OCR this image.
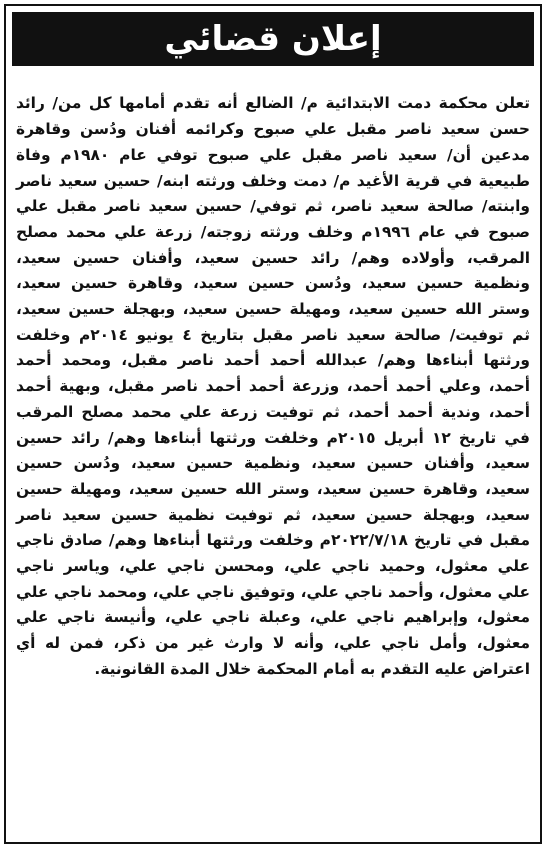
إعلان قضائي

تعلن محكمة دمت الابتدائية م/ الضالع أنه تقدم أمامها كل من/ رائد حسن سعيد ناصر مقبل علي صبوح وكرائمه أفنان ودُسن وقاهرة مدعين أن/ سعيد ناصر مقبل علي صبوح توفي عام ١٩٨٠م وفاة طبيعية في قرية الأغيد م/ دمت وخلف ورثته ابنه/ حسين سعيد ناصر وابنته/ صالحة سعيد ناصر، ثم توفي/ حسين سعيد ناصر مقبل علي صبوح في عام ١٩٩٦م وخلف ورثته زوجته/ زرعة علي محمد مصلح المرقب، وأولاده وهم/ رائد حسين سعيد، وأفنان حسين سعيد، ونظمية حسين سعيد، ودُسن حسين سعيد، وقاهرة حسين سعيد، وستر الله حسين سعيد، ومهيلة حسين سعيد، وبهجلة حسين سعيد، ثم توفيت/ صالحة سعيد ناصر مقبل بتاريخ ٤ يونيو ٢٠١٤م وخلفت ورثتها أبناءها وهم/ عبدالله أحمد أحمد ناصر مقبل، ومحمد أحمد أحمد، وعلي أحمد أحمد، وزرعة أحمد أحمد ناصر مقبل، وبهية أحمد أحمد، وندية أحمد أحمد، ثم توفيت زرعة علي محمد مصلح المرقب في تاريخ ١٢ أبريل ٢٠١٥م وخلفت ورثتها أبناءها وهم/ رائد حسين سعيد، وأفنان حسين سعيد، ونظمية حسين سعيد، ودُسن حسين سعيد، وقاهرة حسين سعيد، وستر الله حسين سعيد، ومهيلة حسين سعيد، وبهجلة حسين سعيد، ثم توفيت نظمية حسين سعيد ناصر مقبل في تاريخ ٢٠٢٢/٧/١٨م وخلفت ورثتها أبناءها وهم/ صادق ناجي علي معثول، وحميد ناجي علي، ومحسن ناجي علي، وياسر ناجي علي معثول، وأحمد ناجي علي، وتوفيق ناجي علي، ومحمد ناجي علي معثول، وإبراهيم ناجي علي، وعبلة ناجي علي، وأنيسة ناجي علي معثول، وأمل ناجي علي، وأنه لا وارث غير من ذكر، فمن له أي اعتراض عليه التقدم به أمام المحكمة خلال المدة القانونية.
